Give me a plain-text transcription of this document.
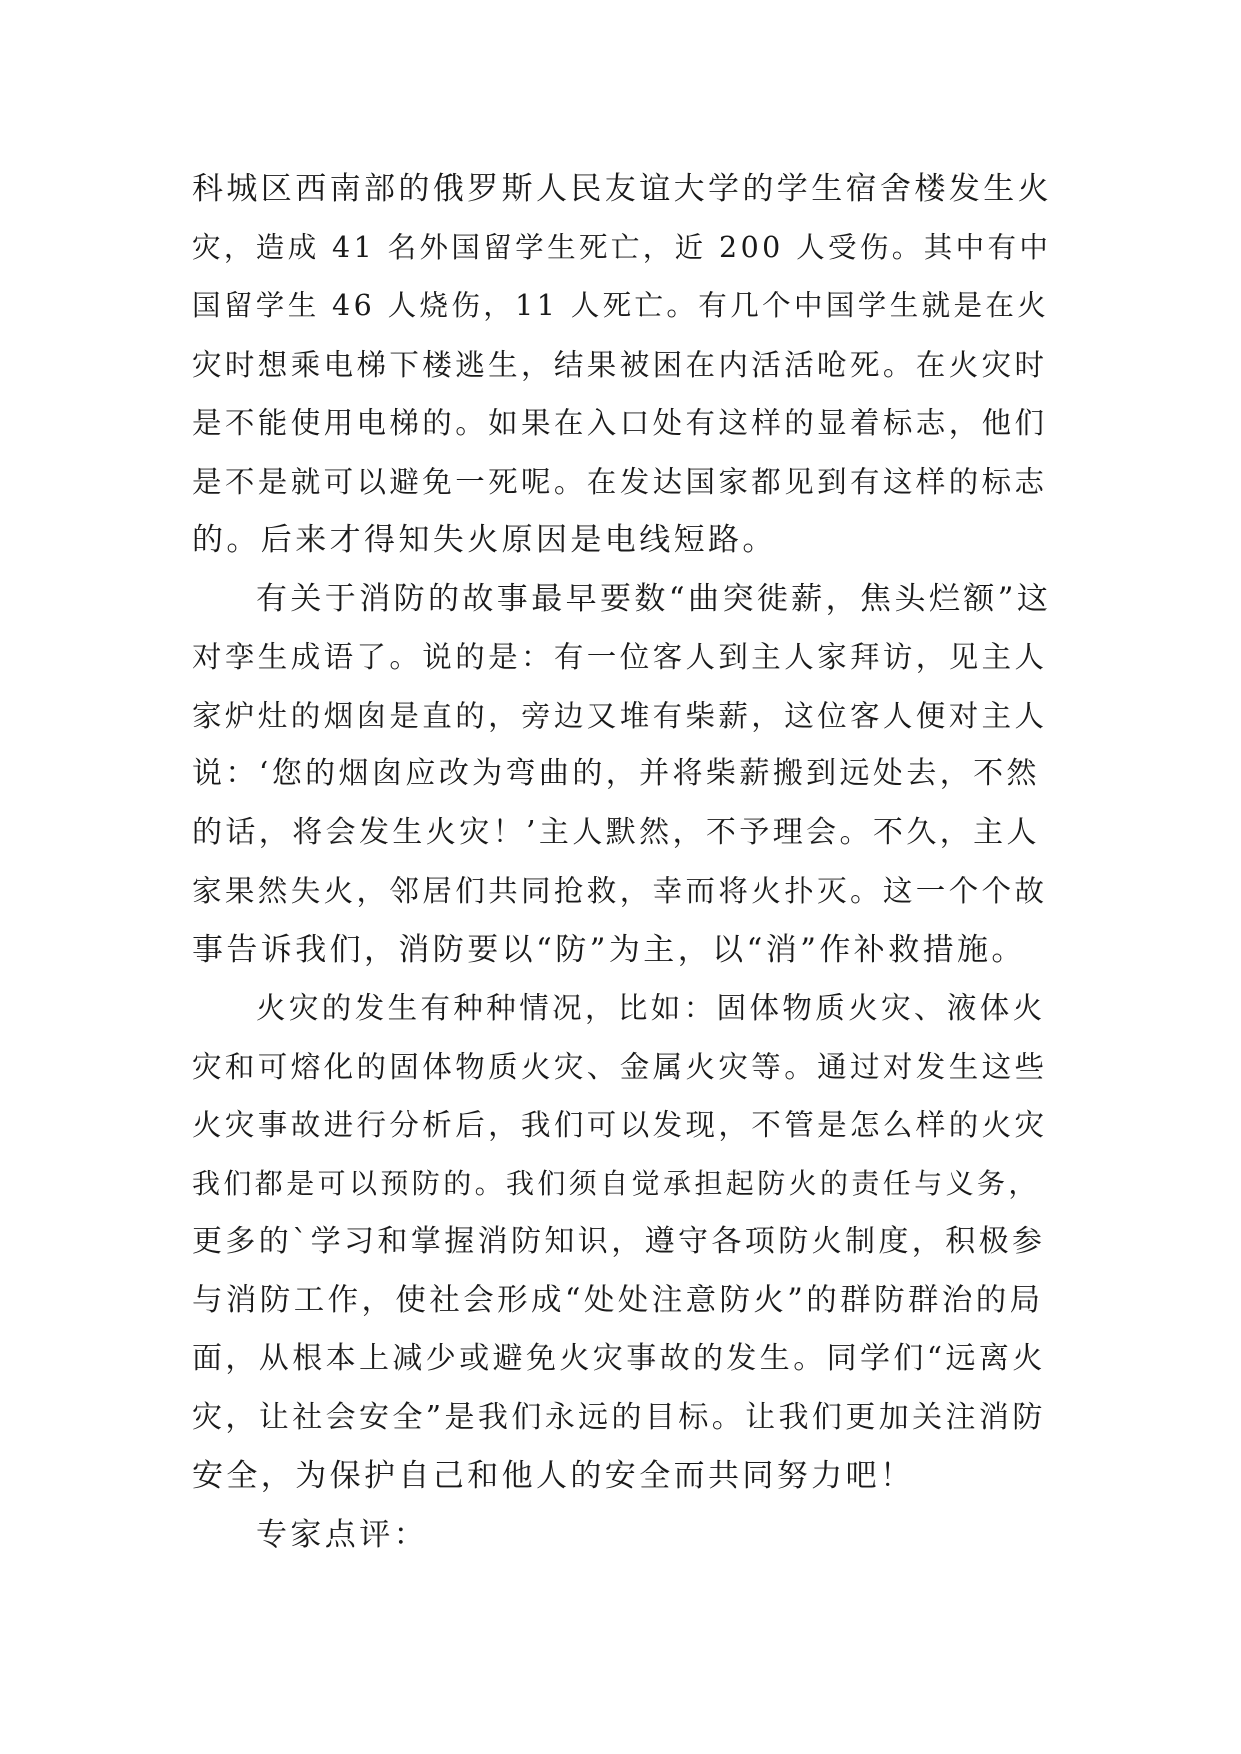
科城区西南部的俄罗斯人民友谊大学的学生宿舍楼发生火
灾，造成 41 名外国留学生死亡，近 200 人受伤。其中有中
国留学生 46 人烧伤，11 人死亡。有几个中国学生就是在火
灾时想乘电梯下楼逃生，结果被困在内活活呛死。在火灾时
是不能使用电梯的。如果在入口处有这样的显着标志，他们
是不是就可以避免一死呢。在发达国家都见到有这样的标志
的。后来才得知失火原因是电线短路。
有关于消防的故事最早要数“曲突徙薪，焦头烂额”这
对孪生成语了。说的是：有一位客人到主人家拜访，见主人
家炉灶的烟囱是直的，旁边又堆有柴薪，这位客人便对主人
说：‘您的烟囱应改为弯曲的，并将柴薪搬到远处去，不然
的话，将会发生火灾！’主人默然，不予理会。不久，主人
家果然失火，邻居们共同抢救，幸而将火扑灭。这一个个故
事告诉我们，消防要以“防”为主，以“消”作补救措施。
火灾的发生有种种情况，比如：固体物质火灾、液体火
灾和可熔化的固体物质火灾、金属火灾等。通过对发生这些
火灾事故进行分析后，我们可以发现，不管是怎么样的火灾
我们都是可以预防的。我们须自觉承担起防火的责任与义务，
更多的`学习和掌握消防知识，遵守各项防火制度，积极参
与消防工作，使社会形成“处处注意防火”的群防群治的局
面，从根本上减少或避免火灾事故的发生。同学们“远离火
灾，让社会安全”是我们永远的目标。让我们更加关注消防
安全，为保护自己和他人的安全而共同努力吧！
专家点评：
